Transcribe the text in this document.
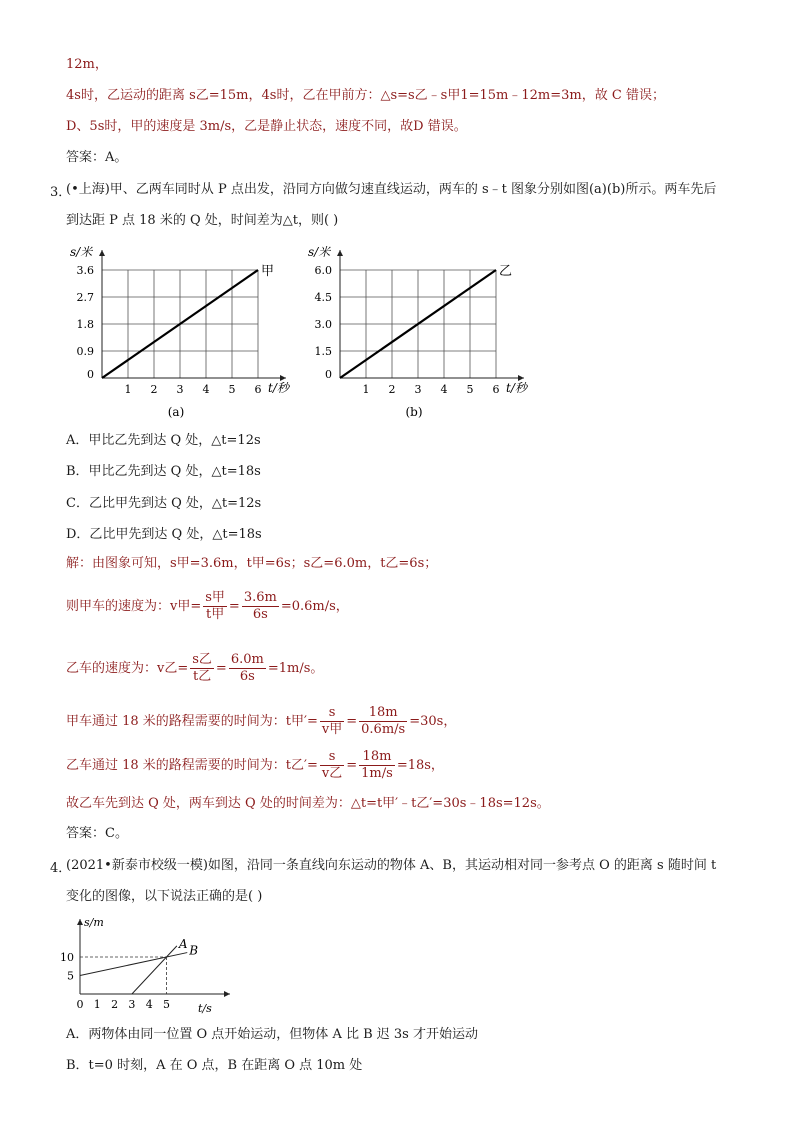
12m，
4s时，乙运动的距离 s乙=15m，4s时，乙在甲前方：△s=s乙﹣s甲1=15m﹣12m=3m，故 C 错误；
D、5s时，甲的速度是 3m/s，乙是静止状态，速度不同，故D 错误。
答案：A。
3．
(•上海)甲、乙两车同时从 P 点出发，沿同方向做匀速直线运动，两车的 s﹣t 图象分别如图(a)(b)所示。两车先后
到达距 P 点 18 米的 Q 处，时间差为△t，则( )
1 2 3 4 5 6
0
0.9
1.8
2.7
3.6
s/米
t/秒
甲
(a)
1 2 3 4 5 6
0
1.5
3.0
4.5
6.0
s/米
t/秒
乙
(b)
A．甲比乙先到达 Q 处，△t=12s
B．甲比乙先到达 Q 处，△t=18s
C．乙比甲先到达 Q 处，△t=12s
D．乙比甲先到达 Q 处，△t=18s
解：由图象可知，s甲=3.6m，t甲=6s；s乙=6.0m，t乙=6s；
则甲车的速度为：v甲= $\frac{\text{s甲}}{\text{t甲}} = \frac{3.6m}{6s} =0.6m/s$，
乙车的速度为：v乙= $\frac{\text{s乙}}{\text{t乙}} = \frac{6.0m}{6s} =1m/s$。
甲车通过 18 米的路程需要的时间为：t甲′= $\frac{s}{\text{v甲}} = \frac{18m}{0.6m/s} =30s$，
乙车通过 18 米的路程需要的时间为：t乙′= $\frac{s}{\text{v乙}} = \frac{18m}{1m/s} =18s$，
故乙车先到达 Q 处，两车到达 Q 处的时间差为：△t=t甲′﹣t乙′=30s﹣18s=12s。
答案：C。
4．
(2021•新泰市校级一模)如图，沿同一条直线向东运动的物体 A、B，其运动相对同一参考点 O 的距离 s 随时间 t
变化的图像，以下说法正确的是( )
0 1 2 3 4 5
5
10
s/m
t/s
A B
A．两物体由同一位置 O 点开始运动，但物体 A 比 B 迟 3s 才开始运动
B．t=0 时刻，A 在 O 点，B 在距离 O 点 10m 处
